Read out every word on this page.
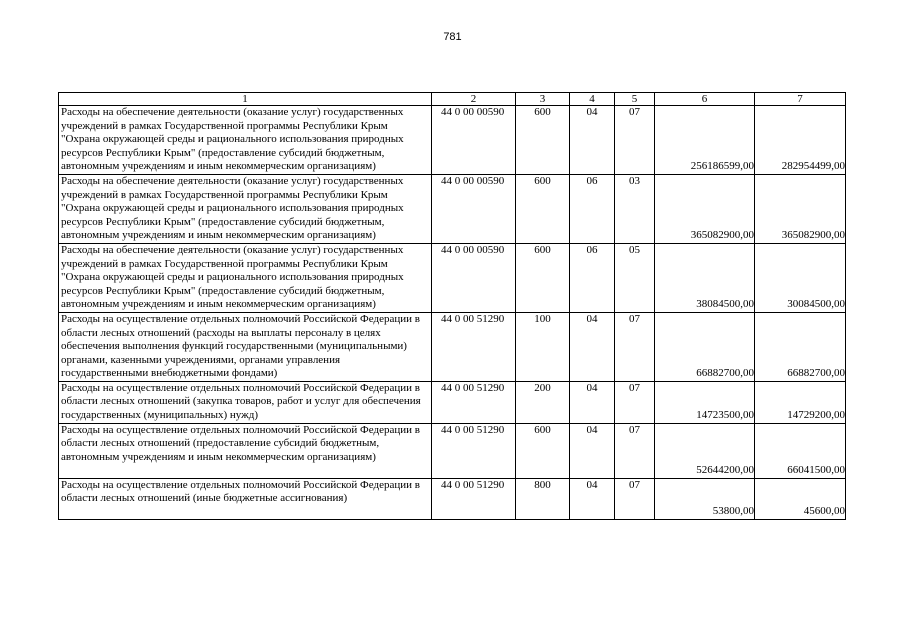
781
1	2	3	4	5	6	7
Расходы на обеспечение деятельности (оказание услуг) государственных учреждений в рамках Государственной программы Республики Крым "Охрана окружающей среды и рационального использования природных ресурсов Республики Крым" (предоставление субсидий бюджетным, автономным учреждениям и иным некоммерческим организациям)	44 0 00 00590	600	04	07	256186599,00	282954499,00
Расходы на обеспечение деятельности (оказание услуг) государственных учреждений в рамках Государственной программы Республики Крым "Охрана окружающей среды и рационального использования природных ресурсов Республики Крым" (предоставление субсидий бюджетным, автономным учреждениям и иным некоммерческим организациям)	44 0 00 00590	600	06	03	365082900,00	365082900,00
Расходы на обеспечение деятельности (оказание услуг) государственных учреждений в рамках Государственной программы Республики Крым "Охрана окружающей среды и рационального использования природных ресурсов Республики Крым" (предоставление субсидий бюджетным, автономным учреждениям и иным некоммерческим организациям)	44 0 00 00590	600	06	05	38084500,00	30084500,00
Расходы на осуществление отдельных полномочий Российской Федерации в области лесных отношений (расходы на выплаты персоналу в целях обеспечения выполнения функций государственными (муниципальными) органами, казенными учреждениями, органами управления государственными внебюджетными фондами)	44 0 00 51290	100	04	07	66882700,00	66882700,00
Расходы на осуществление отдельных полномочий Российской Федерации в области лесных отношений (закупка товаров, работ и услуг для обеспечения государственных (муниципальных) нужд)	44 0 00 51290	200	04	07	14723500,00	14729200,00
Расходы на осуществление отдельных полномочий Российской Федерации в области лесных отношений (предоставление субсидий бюджетным, автономным учреждениям и иным некоммерческим организациям)	44 0 00 51290	600	04	07	52644200,00	66041500,00
Расходы на осуществление отдельных полномочий Российской Федерации в области лесных отношений (иные бюджетные ассигнования)	44 0 00 51290	800	04	07	53800,00	45600,00
